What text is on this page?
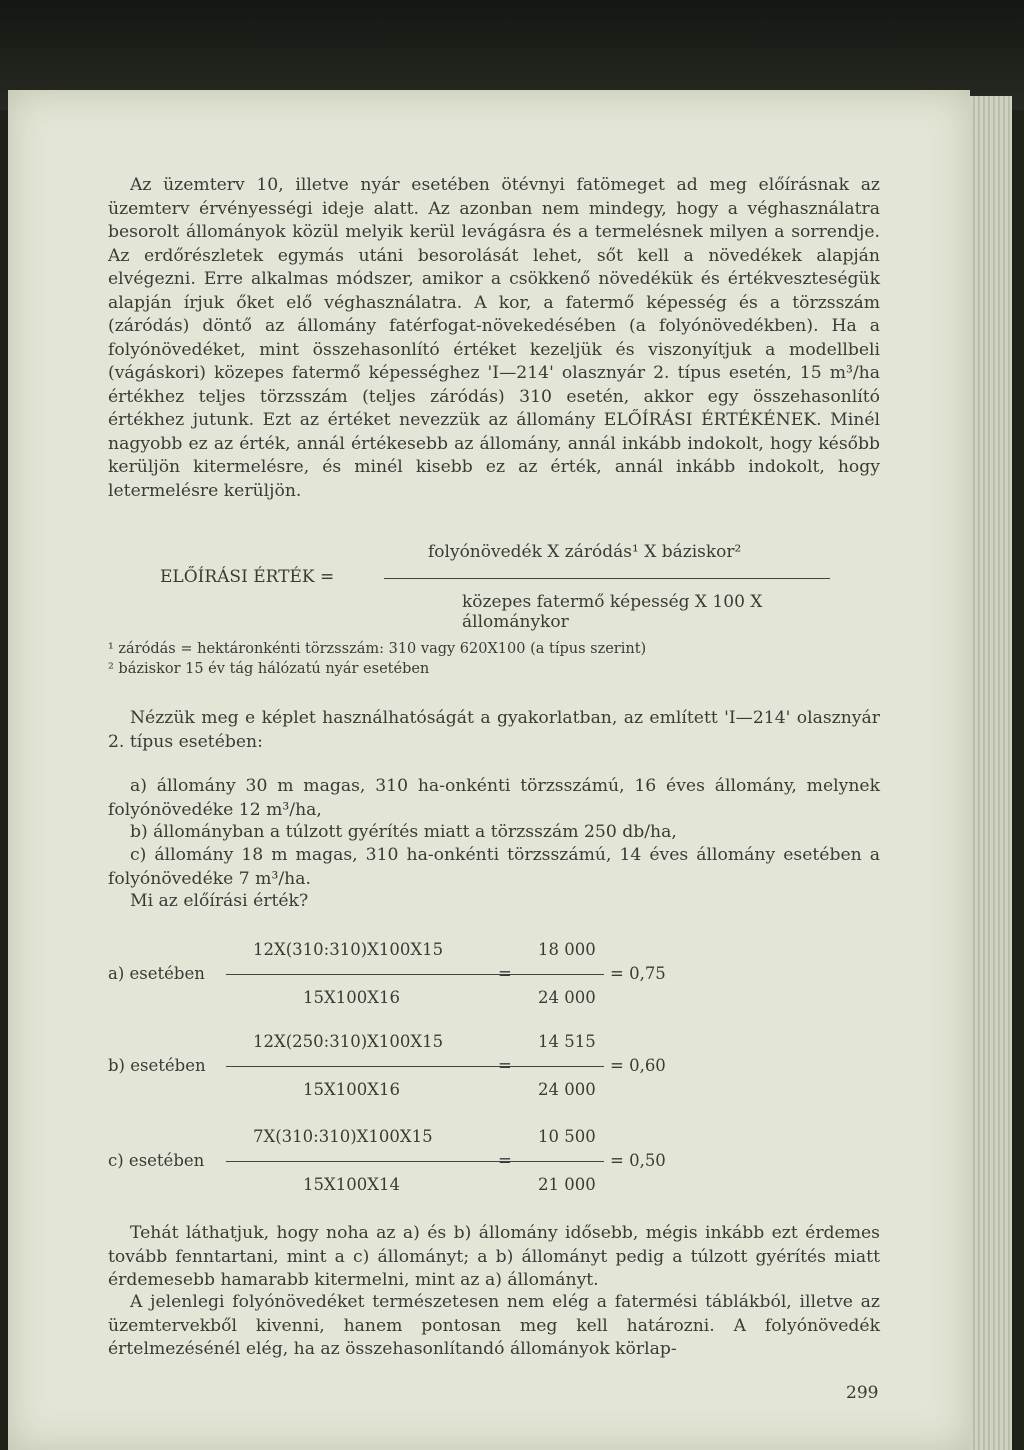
Az üzemterv 10, illetve nyár esetében ötévnyi fatömeget ad meg előírásnak az üzemterv érvényességi ideje alatt. Az azonban nem mindegy, hogy a véghasználatra besorolt állományok közül melyik kerül levágásra és a termelésnek milyen a sorrendje. Az erdőrészletek egymás utáni besorolását lehet, sőt kell a növedékek alapján elvégezni. Erre alkalmas módszer, amikor a csökkenő növedékük és értékveszteségük alapján írjuk őket elő véghasználatra. A kor, a fatermő képesség és a törzsszám (záródás) döntő az állomány fatérfogat-növekedésében (a folyónövedékben). Ha a folyónövedéket, mint összehasonlító értéket kezeljük és viszonyítjuk a modellbeli (vágáskori) közepes fatermő képességhez 'I—214' olasznyár 2. típus esetén, 15 m³/ha értékhez teljes törzsszám (teljes záródás) 310 esetén, akkor egy összehasonlító értékhez jutunk. Ezt az értéket nevezzük az állomány ELŐÍRÁSI ÉRTÉKÉNEK. Minél nagyobb ez az érték, annál értékesebb az állomány, annál inkább indokolt, hogy később kerüljön kitermelésre, és minél kisebb ez az érték, annál inkább indokolt, hogy letermelésre kerüljön.

ELŐÍRÁSI ÉRTÉK =
folyónövedék X záródás¹ X báziskor²
közepes fatermő képesség X 100 X állománykor

¹ záródás = hektáronkénti törzsszám: 310 vagy 620X100 (a típus szerint)

² báziskor 15 év tág hálózatú nyár esetében

Nézzük meg e képlet használhatóságát a gyakorlatban, az említett 'I—214' olasznyár 2. típus esetében:

a) állomány 30 m magas, 310 ha-onkénti törzsszámú, 16 éves állomány, melynek folyónövedéke 12 m³/ha,

b) állományban a túlzott gyérítés miatt a törzsszám 250 db/ha,

c) állomány 18 m magas, 310 ha-onkénti törzsszámú, 14 éves állomány esetében a folyónövedéke 7 m³/ha.

Mi az előírási érték?

a) esetében
12X(310:310)X100X15
15X100X16
=
18 000
24 000
= 0,75
b) esetében
12X(250:310)X100X15
15X100X16
=
14 515
24 000
= 0,60
c) esetében
7X(310:310)X100X15
15X100X14
=
10 500
21 000
= 0,50

Tehát láthatjuk, hogy noha az a) és b) állomány idősebb, mégis inkább ezt érdemes tovább fenntartani, mint a c) állományt; a b) állományt pedig a túlzott gyérítés miatt érdemesebb hamarabb kitermelni, mint az a) állományt.

A jelenlegi folyónövedéket természetesen nem elég a fatermési táblákból, illetve az üzemtervekből kivenni, hanem pontosan meg kell határozni. A folyónövedék értelmezésénél elég, ha az összehasonlítandó állományok körlap-

299
